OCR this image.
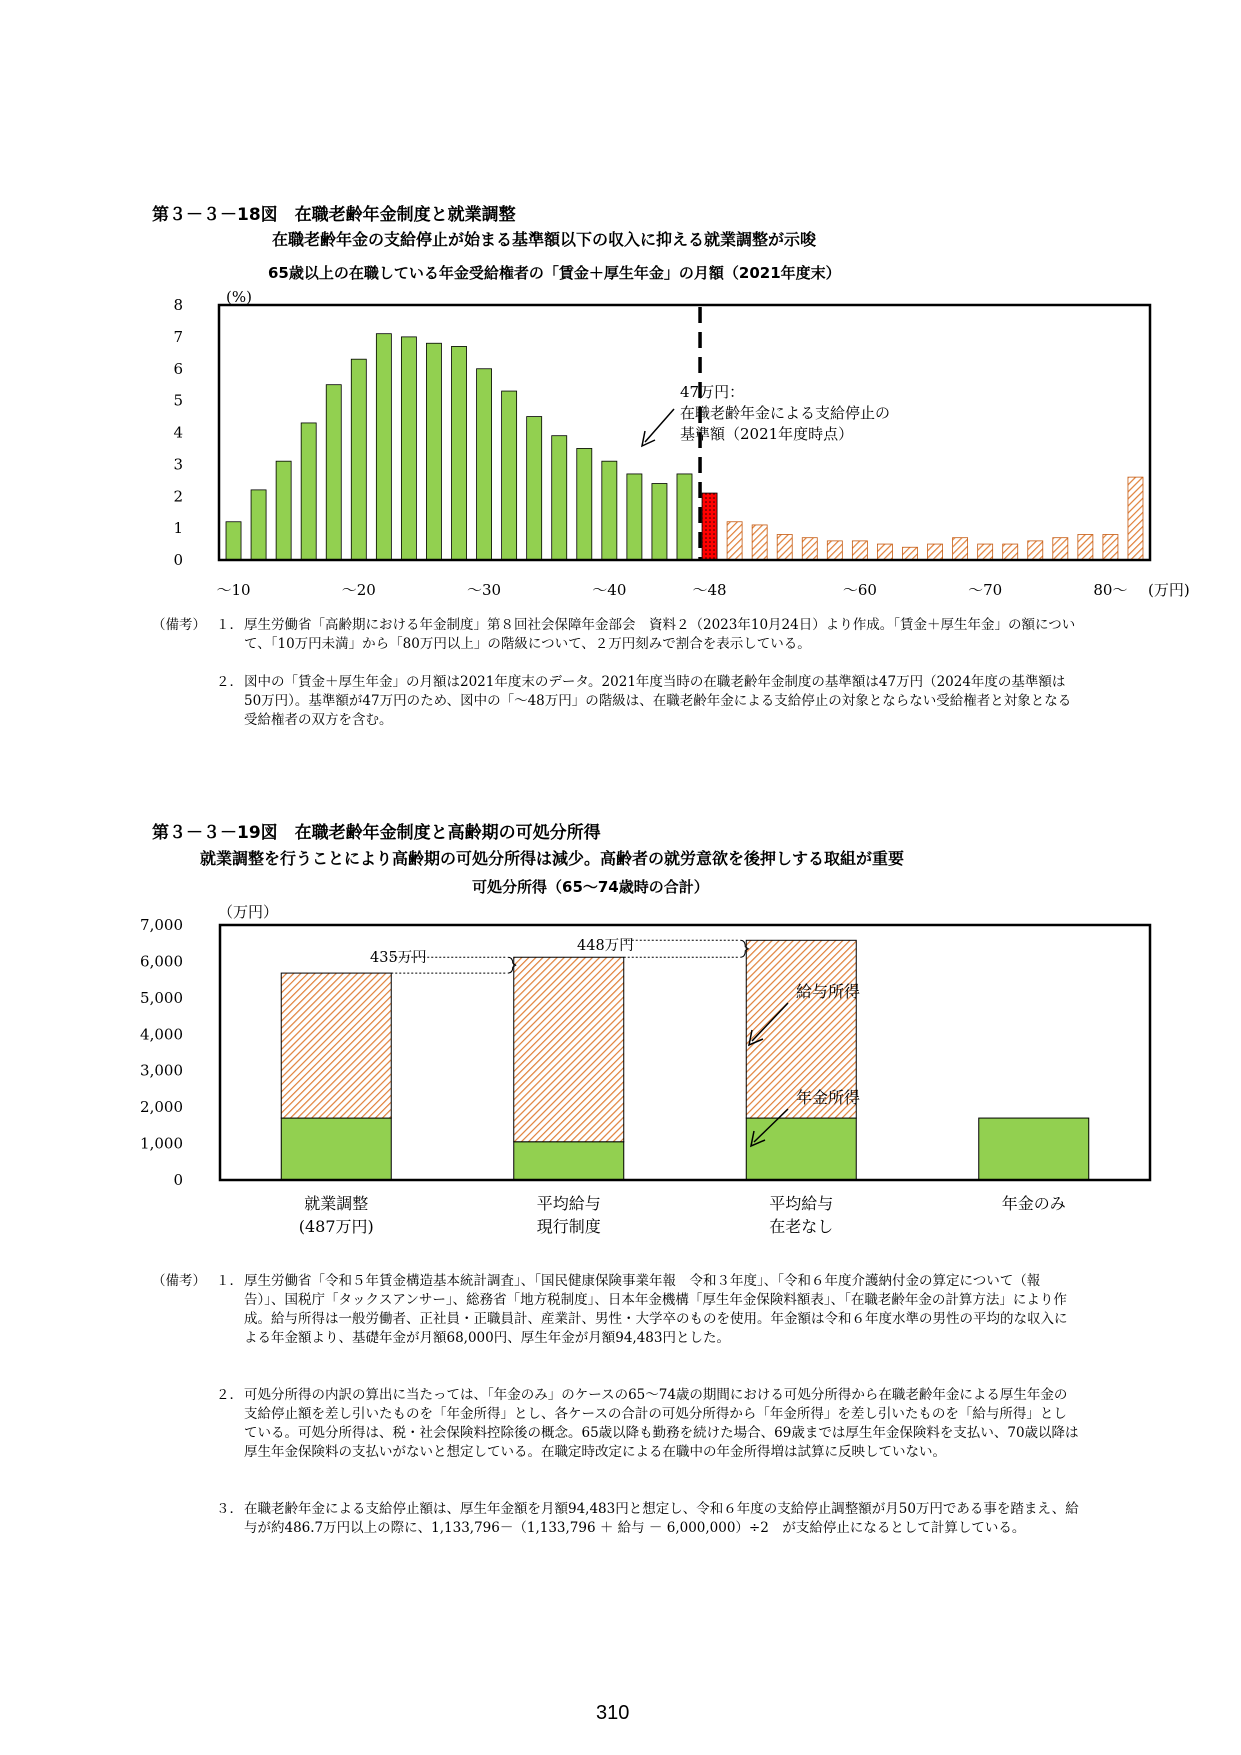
第３－３－18図　在職老齢年金制度と就業調整
在職老齢年金の支給停止が始まる基準額以下の収入に抑える就業調整が示唆
65歳以上の在職している年金受給権者の「賃金＋厚生年金」の月額（2021年度末）
(%)
0
1
2
3
4
5
6
7
8
～10	～20	～30	～40	～48	～60	～70	80～
47万円：
在職老齢年金による支給停止の
基準額（2021年度時点）
(万円)
（備考） １． 厚生労働省「高齢期における年金制度」第８回社会保障年金部会　資料２（2023年10月24日）より作成。「賃金＋厚生年金」の額について、「10万円未満」から「80万円以上」の階級について、２万円刻みで割合を表示している。
２． 図中の「賃金＋厚生年金」の月額は2021年度末のデータ。2021年度当時の在職老齢年金制度の基準額は47万円（2024年度の基準額は50万円）。基準額が47万円のため、図中の「～48万円」の階級は、在職老齢年金による支給停止の対象とならない受給権者と対象となる受給権者の双方を含む。
第３－３－19図　在職老齢年金制度と高齢期の可処分所得
就業調整を行うことにより高齢期の可処分所得は減少。高齢者の就労意欲を後押しする取組が重要
可処分所得（65～74歳時の合計）
（万円）
0
1,000
2,000
3,000
4,000
5,000
6,000
7,000
就業調整
(487万円)
平均給与
現行制度
平均給与
在老なし
年金のみ
435万円
448万円
給与所得
年金所得
（備考） １． 厚生労働省「令和５年賃金構造基本統計調査」、「国民健康保険事業年報　令和３年度」、「令和６年度介護納付金の算定について（報告）」、国税庁「タックスアンサー」、総務省「地方税制度」、日本年金機構「厚生年金保険料額表」、「在職老齢年金の計算方法」により作成。給与所得は一般労働者、正社員・正職員計、産業計、男性・大学卒のものを使用。年金額は令和６年度水準の男性の平均的な収入による年金額より、基礎年金が月額68,000円、厚生年金が月額94,483円とした。
２． 可処分所得の内訳の算出に当たっては、「年金のみ」のケースの65～74歳の期間における可処分所得から在職老齢年金による厚生年金の支給停止額を差し引いたものを「年金所得」とし、各ケースの合計の可処分所得から「年金所得」を差し引いたものを「給与所得」としている。可処分所得は、税・社会保険料控除後の概念。65歳以降も勤務を続けた場合、69歳までは厚生年金保険料を支払い、70歳以降は厚生年金保険料の支払いがないと想定している。在職定時改定による在職中の年金所得増は試算に反映していない。
３． 在職老齢年金による支給停止額は、厚生年金額を月額94,483円と想定し、令和６年度の支給停止調整額が月50万円である事を踏まえ、給与が約486.7万円以上の際に、1,133,796－（1,133,796 ＋ 給与 － 6,000,000）÷2　が支給停止になるとして計算している。
310
